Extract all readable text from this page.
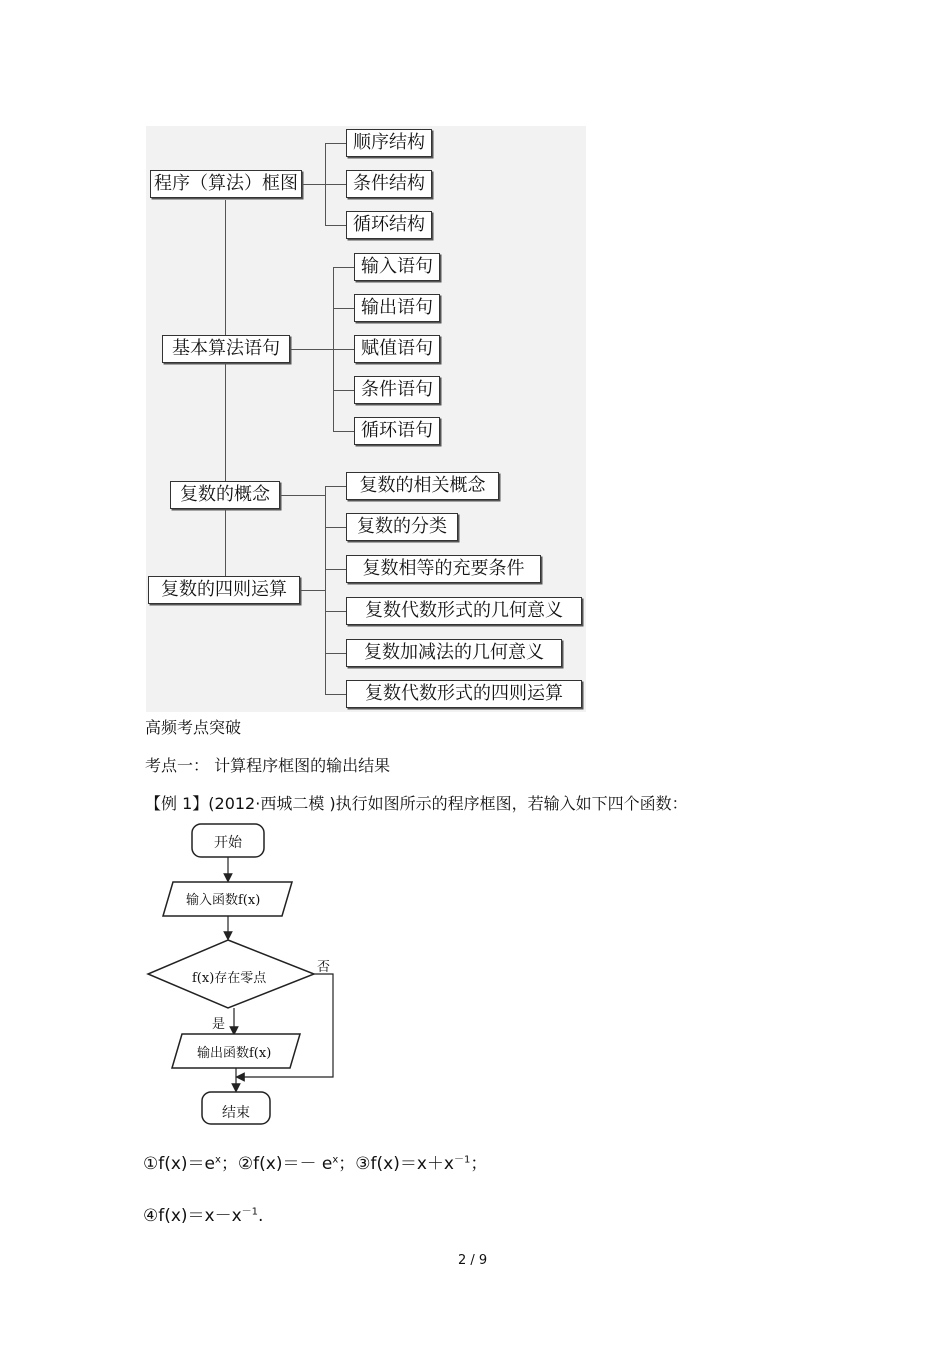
程序（算法）框图
顺序结构
条件结构
循环结构
基本算法语句
输入语句
输出语句
赋值语句
条件语句
循环语句
复数的概念
复数的四则运算
复数的相关概念
复数的分类
复数相等的充要条件
复数代数形式的几何意义
复数加减法的几何意义
复数代数形式的四则运算
高频考点突破
考点一： 计算程序框图的输出结果
【例 1】(2012·西城二模 )执行如图所示的程序框图，若输入如下四个函数：
开始
输入函数f(x)
f(x)存在零点
否
是
输出函数f(x)
结束
$①f(x)=e^x$；②f(x)＝－ $e^x$；$③f(x)=x+x^{-1}$；
$④f(x)=x-x^{-1}$.
2 / 9
